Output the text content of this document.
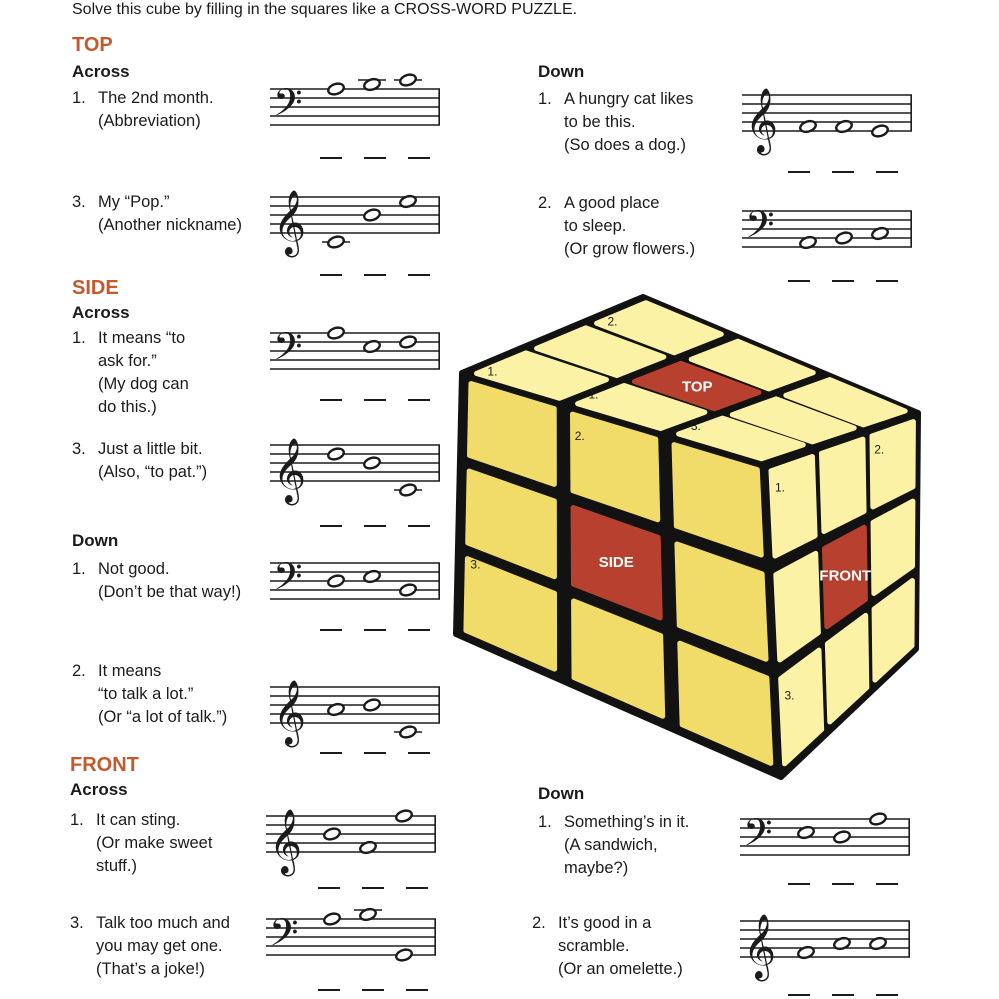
Solve this cube by filling in the squares like a CROSS-WORD PUZZLE.
TOP
Across
1. The 2nd month.
(Abbreviation)
3. My “Pop.”
(Another nickname)
Down
1. A hungry cat likes
to be this.
(So does a dog.)
2. A good place
to sleep.
(Or grow flowers.)
SIDE
Across
1. It means “to
ask for.”
(My dog can
do this.)
3. Just a little bit.
(Also, “to pat.”)
Down
1. Not good.
(Don’t be that way!)
2. It means
“to talk a lot.”
(Or “a lot of talk.”)
FRONT
Across
1. It can sting.
(Or make sweet
stuff.)
3. Talk too much and
you may get one.
(That’s a joke!)
Down
1. Something’s in it.
(A sandwich,
maybe?)
2. It’s good in a
scramble.
(Or an omelette.)
𝄢
𝄞
𝄞
𝄢
𝄢
𝄞
𝄢
𝄞
𝄞
𝄢
𝄢
𝄞
TOP
SIDE
FRONT
1.
1.
2.
3.
2.
3.
1.
2.
3.
